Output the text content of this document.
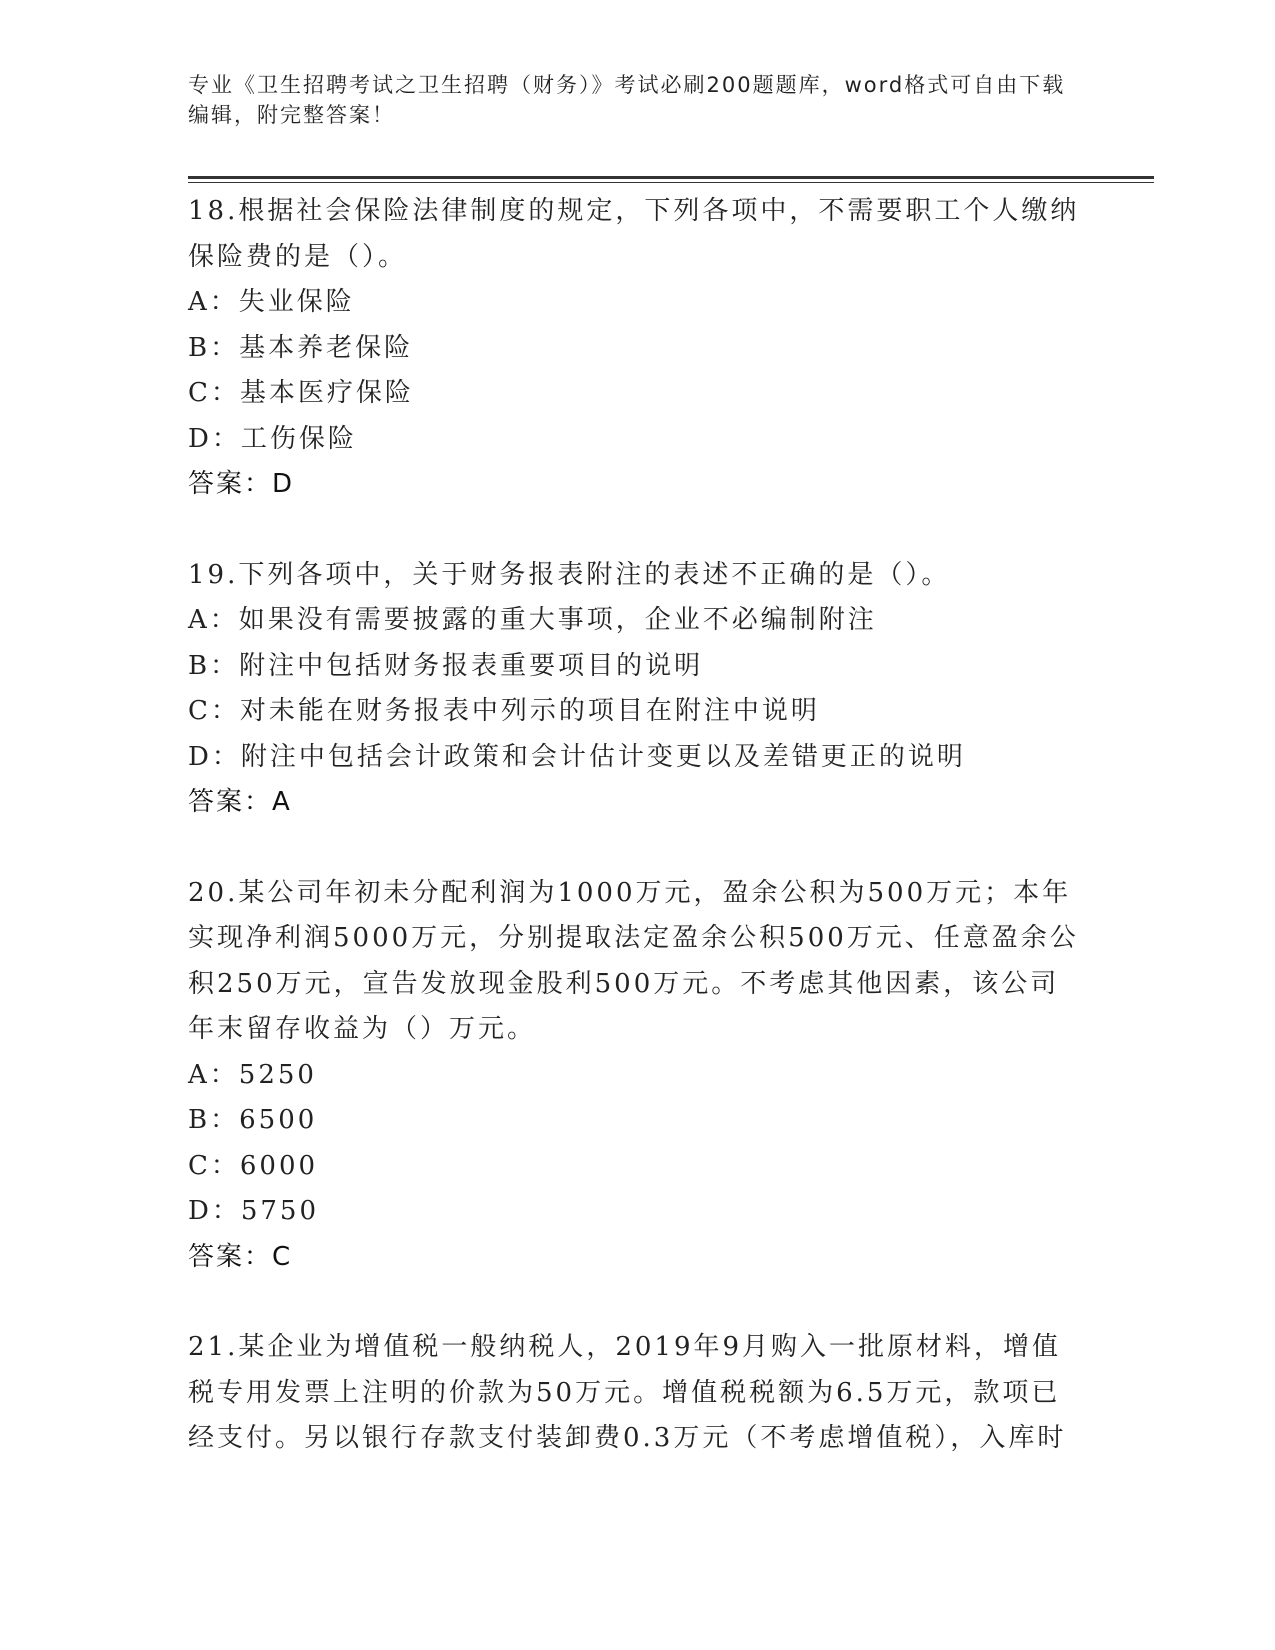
专业《卫生招聘考试之卫生招聘（财务）》考试必刷200题题库，word格式可自由下载编辑，附完整答案！

18.根据社会保险法律制度的规定，下列各项中，不需要职工个人缴纳保险费的是（）。

A：失业保险

B：基本养老保险

C：基本医疗保险

D：工伤保险

答案：D

19.下列各项中，关于财务报表附注的表述不正确的是（）。

A：如果没有需要披露的重大事项，企业不必编制附注

B：附注中包括财务报表重要项目的说明

C：对未能在财务报表中列示的项目在附注中说明

D：附注中包括会计政策和会计估计变更以及差错更正的说明

答案：A

20.某公司年初未分配利润为1000万元，盈余公积为500万元；本年实现净利润5000万元，分别提取法定盈余公积500万元、任意盈余公积250万元，宣告发放现金股利500万元。不考虑其他因素，该公司年末留存收益为（）万元。

A：5250

B：6500

C：6000

D：5750

答案：C

21.某企业为增值税一般纳税人，2019年9月购入一批原材料，增值税专用发票上注明的价款为50万元。增值税税额为6.5万元，款项已经支付。另以银行存款支付装卸费0.3万元（不考虑增值税），入库时
